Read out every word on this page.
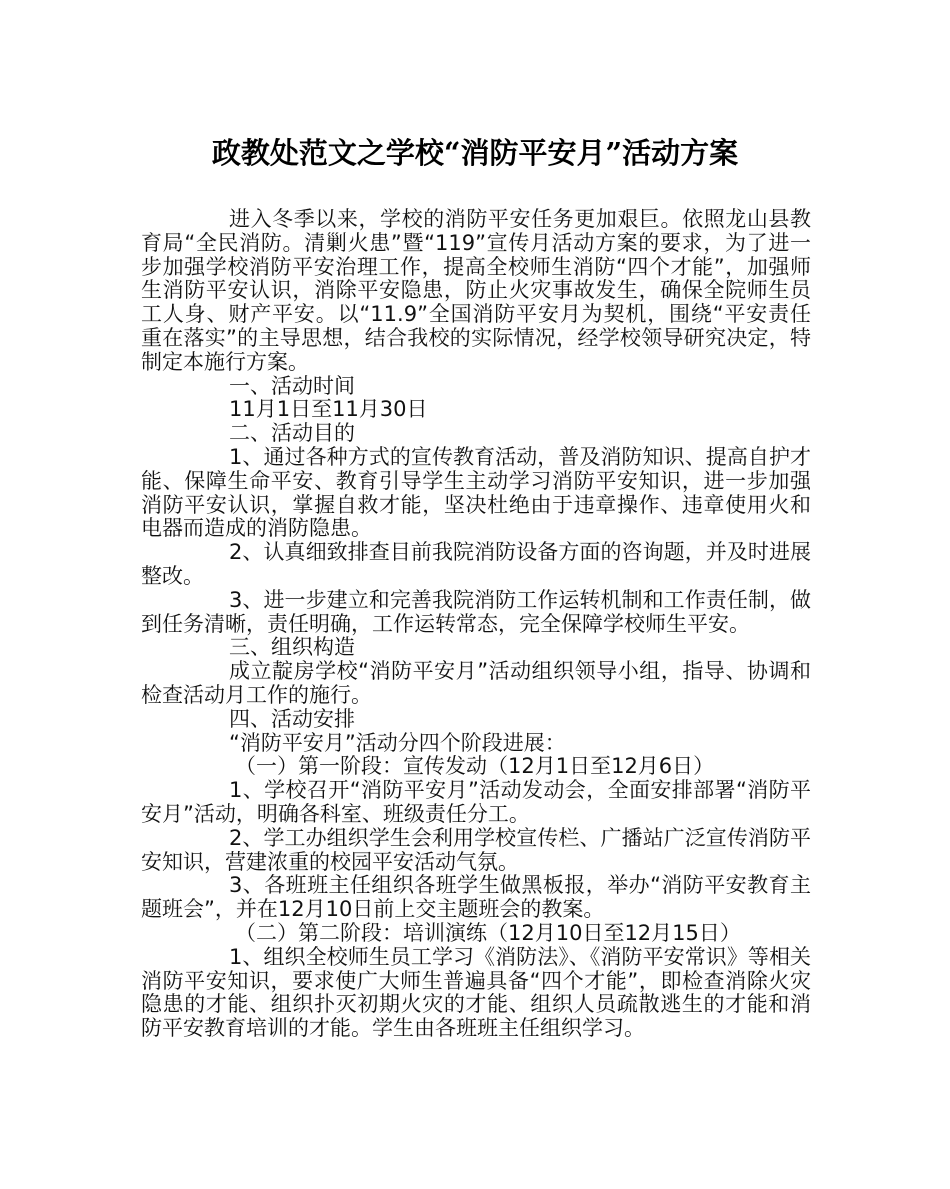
政教处范文之学校“消防平安月”活动方案

进入冬季以来，学校的消防平安任务更加艰巨。依照龙山县教育局“全民消防。清剿火患”暨“119”宣传月活动方案的要求，为了进一步加强学校消防平安治理工作，提高全校师生消防“四个才能”，加强师生消防平安认识，消除平安隐患，防止火灾事故发生，确保全院师生员工人身、财产平安。以“11.9”全国消防平安月为契机，围绕“平安责任 重在落实”的主导思想，结合我校的实际情况，经学校领导研究决定，特制定本施行方案。

一、活动时间

11月1日至11月30日

二、活动目的

1、通过各种方式的宣传教育活动，普及消防知识、提高自护才能、保障生命平安、教育引导学生主动学习消防平安知识，进一步加强消防平安认识，掌握自救才能，坚决杜绝由于违章操作、违章使用火和电器而造成的消防隐患。

2、认真细致排查目前我院消防设备方面的咨询题，并及时进展整改。

3、进一步建立和完善我院消防工作运转机制和工作责任制，做到任务清晰，责任明确，工作运转常态，完全保障学校师生平安。

三、组织构造

成立靛房学校“消防平安月”活动组织领导小组，指导、协调和检查活动月工作的施行。

四、活动安排

“消防平安月”活动分四个阶段进展：

（一）第一阶段：宣传发动（12月1日至12月6日）

1、学校召开“消防平安月”活动发动会，全面安排部署“消防平安月”活动，明确各科室、班级责任分工。

2、学工办组织学生会利用学校宣传栏、广播站广泛宣传消防平安知识，营建浓重的校园平安活动气氛。

3、各班班主任组织各班学生做黑板报，举办“消防平安教育主题班会”，并在12月10日前上交主题班会的教案。

（二）第二阶段：培训演练（12月10日至12月15日）

1、组织全校师生员工学习《消防法》、《消防平安常识》等相关消防平安知识，要求使广大师生普遍具备“四个才能”，即检查消除火灾隐患的才能、组织扑灭初期火灾的才能、组织人员疏散逃生的才能和消防平安教育培训的才能。学生由各班班主任组织学习。
